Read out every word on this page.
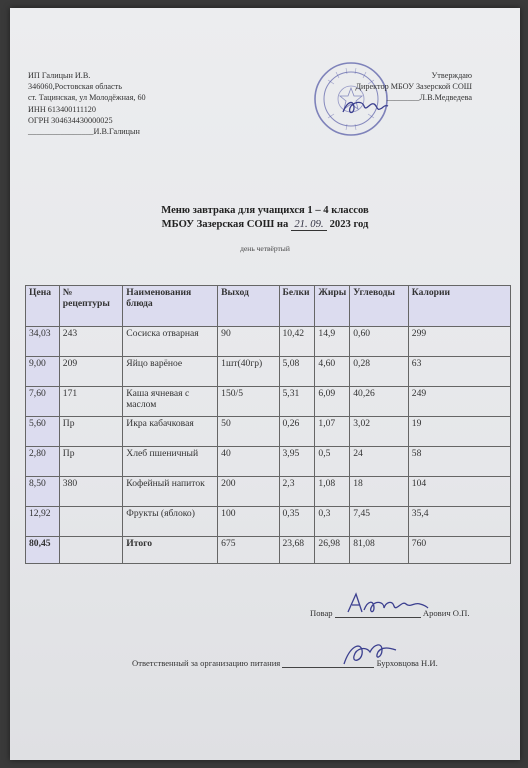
ИП Галицын И.В.
346060,Ростовская область
ст. Тацинская, ул Молодёжная, 60
ИНН 613400111120
ОГРН 304634430000025
________________И.В.Галицын
Утверждаю
Директор МБОУ Зазерской СОШ
________Л.В.Медведева
Меню завтрака для учащихся 1 – 4 классов
МБОУ Зазерская СОШ на 21. 09. 2023 год
день четвёртый
Цена	№ рецептуры	Наименования блюда	Выход	Белки	Жиры	Углеводы	Калории
34,03	243	Сосиска отварная	90	10,42	14,9	0,60	299
9,00	209	Яйцо варёное	1шт(40гр)	5,08	4,60	0,28	63
7,60	171	Каша ячневая с маслом	150/5	5,31	6,09	40,26	249
5,60	Пр	Икра кабачковая	50	0,26	1,07	3,02	19
2,80	Пр	Хлеб пшеничный	40	3,95	0,5	24	58
8,50	380	Кофейный напиток	200	2,3	1,08	18	104
12,92		Фрукты (яблоко)	100	0,35	0,3	7,45	35,4
80,45		Итого	675	23,68	26,98	81,08	760
Повар	Арович О.П.
Ответственный за организацию питания	Бурховцова Н.И.
